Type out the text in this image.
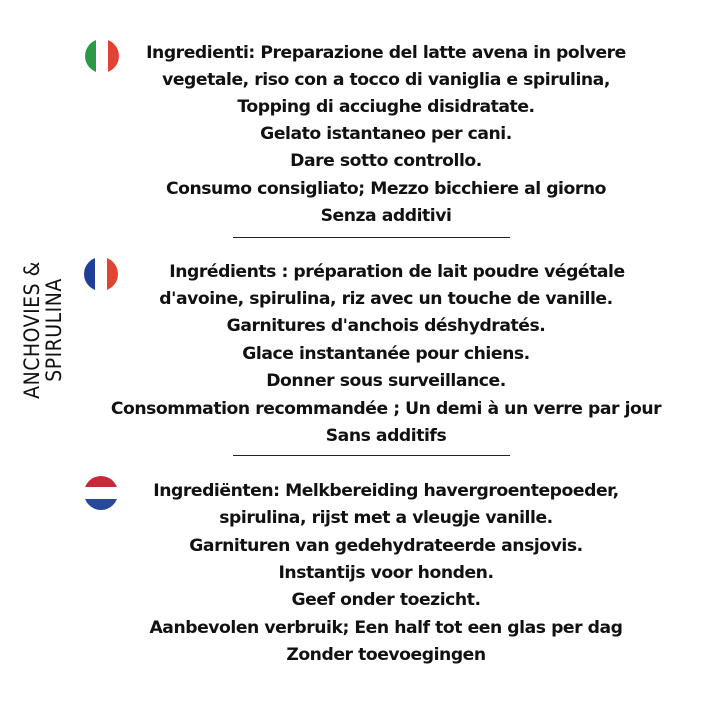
ANCHOVIES &
SPIRULINA
Ingredienti: Preparazione del latte avena in polvere
vegetale, riso con a tocco di vaniglia e spirulina,
Topping di acciughe disidratate.
Gelato istantaneo per cani.
Dare sotto controllo.
Consumo consigliato; Mezzo bicchiere al giorno
Senza additivi
Ingrédients : préparation de lait poudre végétale
d'avoine, spirulina, riz avec un touche de vanille.
Garnitures d'anchois déshydratés.
Glace instantanée pour chiens.
Donner sous surveillance.
Consommation recommandée ; Un demi à un verre par jour
Sans additifs
Ingrediënten: Melkbereiding havergroentepoeder,
spirulina, rijst met a vleugje vanille.
Garnituren van gedehydrateerde ansjovis.
Instantijs voor honden.
Geef onder toezicht.
Aanbevolen verbruik; Een half tot een glas per dag
Zonder toevoegingen
